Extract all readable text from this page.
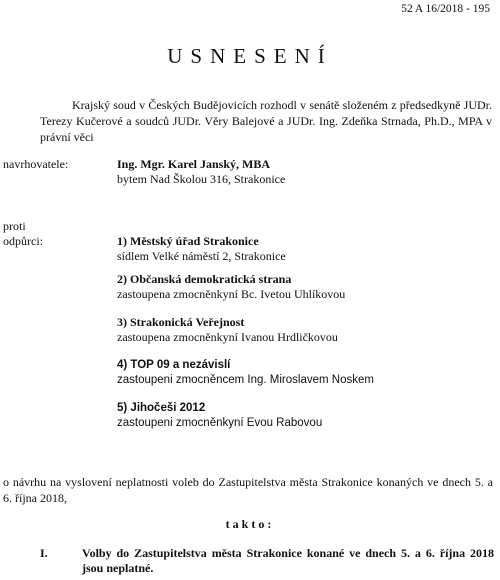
52 A 16/2018 - 195
USNESENÍ
Krajský soud v Českých Budějovicích rozhodl v senátě složeném z předsedkyně JUDr. Terezy Kučerové a soudců JUDr. Věry Balejové a JUDr. Ing. Zdeňka Strnada, Ph.D., MPA v právní věci
navrhovatele:	Ing. Mgr. Karel Janský, MBA
bytem Nad Školou 316, Strakonice
proti
odpůrci:	1) Městský úřad Strakonice
sídlem Velké náměstí 2, Strakonice
2) Občanská demokratická strana
zastoupena zmocněnkyní Bc. Ivetou Uhlíkovou
3) Strakonická Veřejnost
zastoupena zmocněnkyní Ivanou Hrdličkovou
4) TOP 09 a nezávislí
zastoupeni zmocněncem Ing. Miroslavem Noskem
5) Jihočeši 2012
zastoupeni zmocněnkyní Evou Rabovou
o návrhu na vyslovení neplatnosti voleb do Zastupitelstva města Strakonice konaných ve dnech 5. a 6. října 2018,
takto:
I.	Volby do Zastupitelstva města Strakonice konané ve dnech 5. a 6. října 2018 jsou neplatné.
